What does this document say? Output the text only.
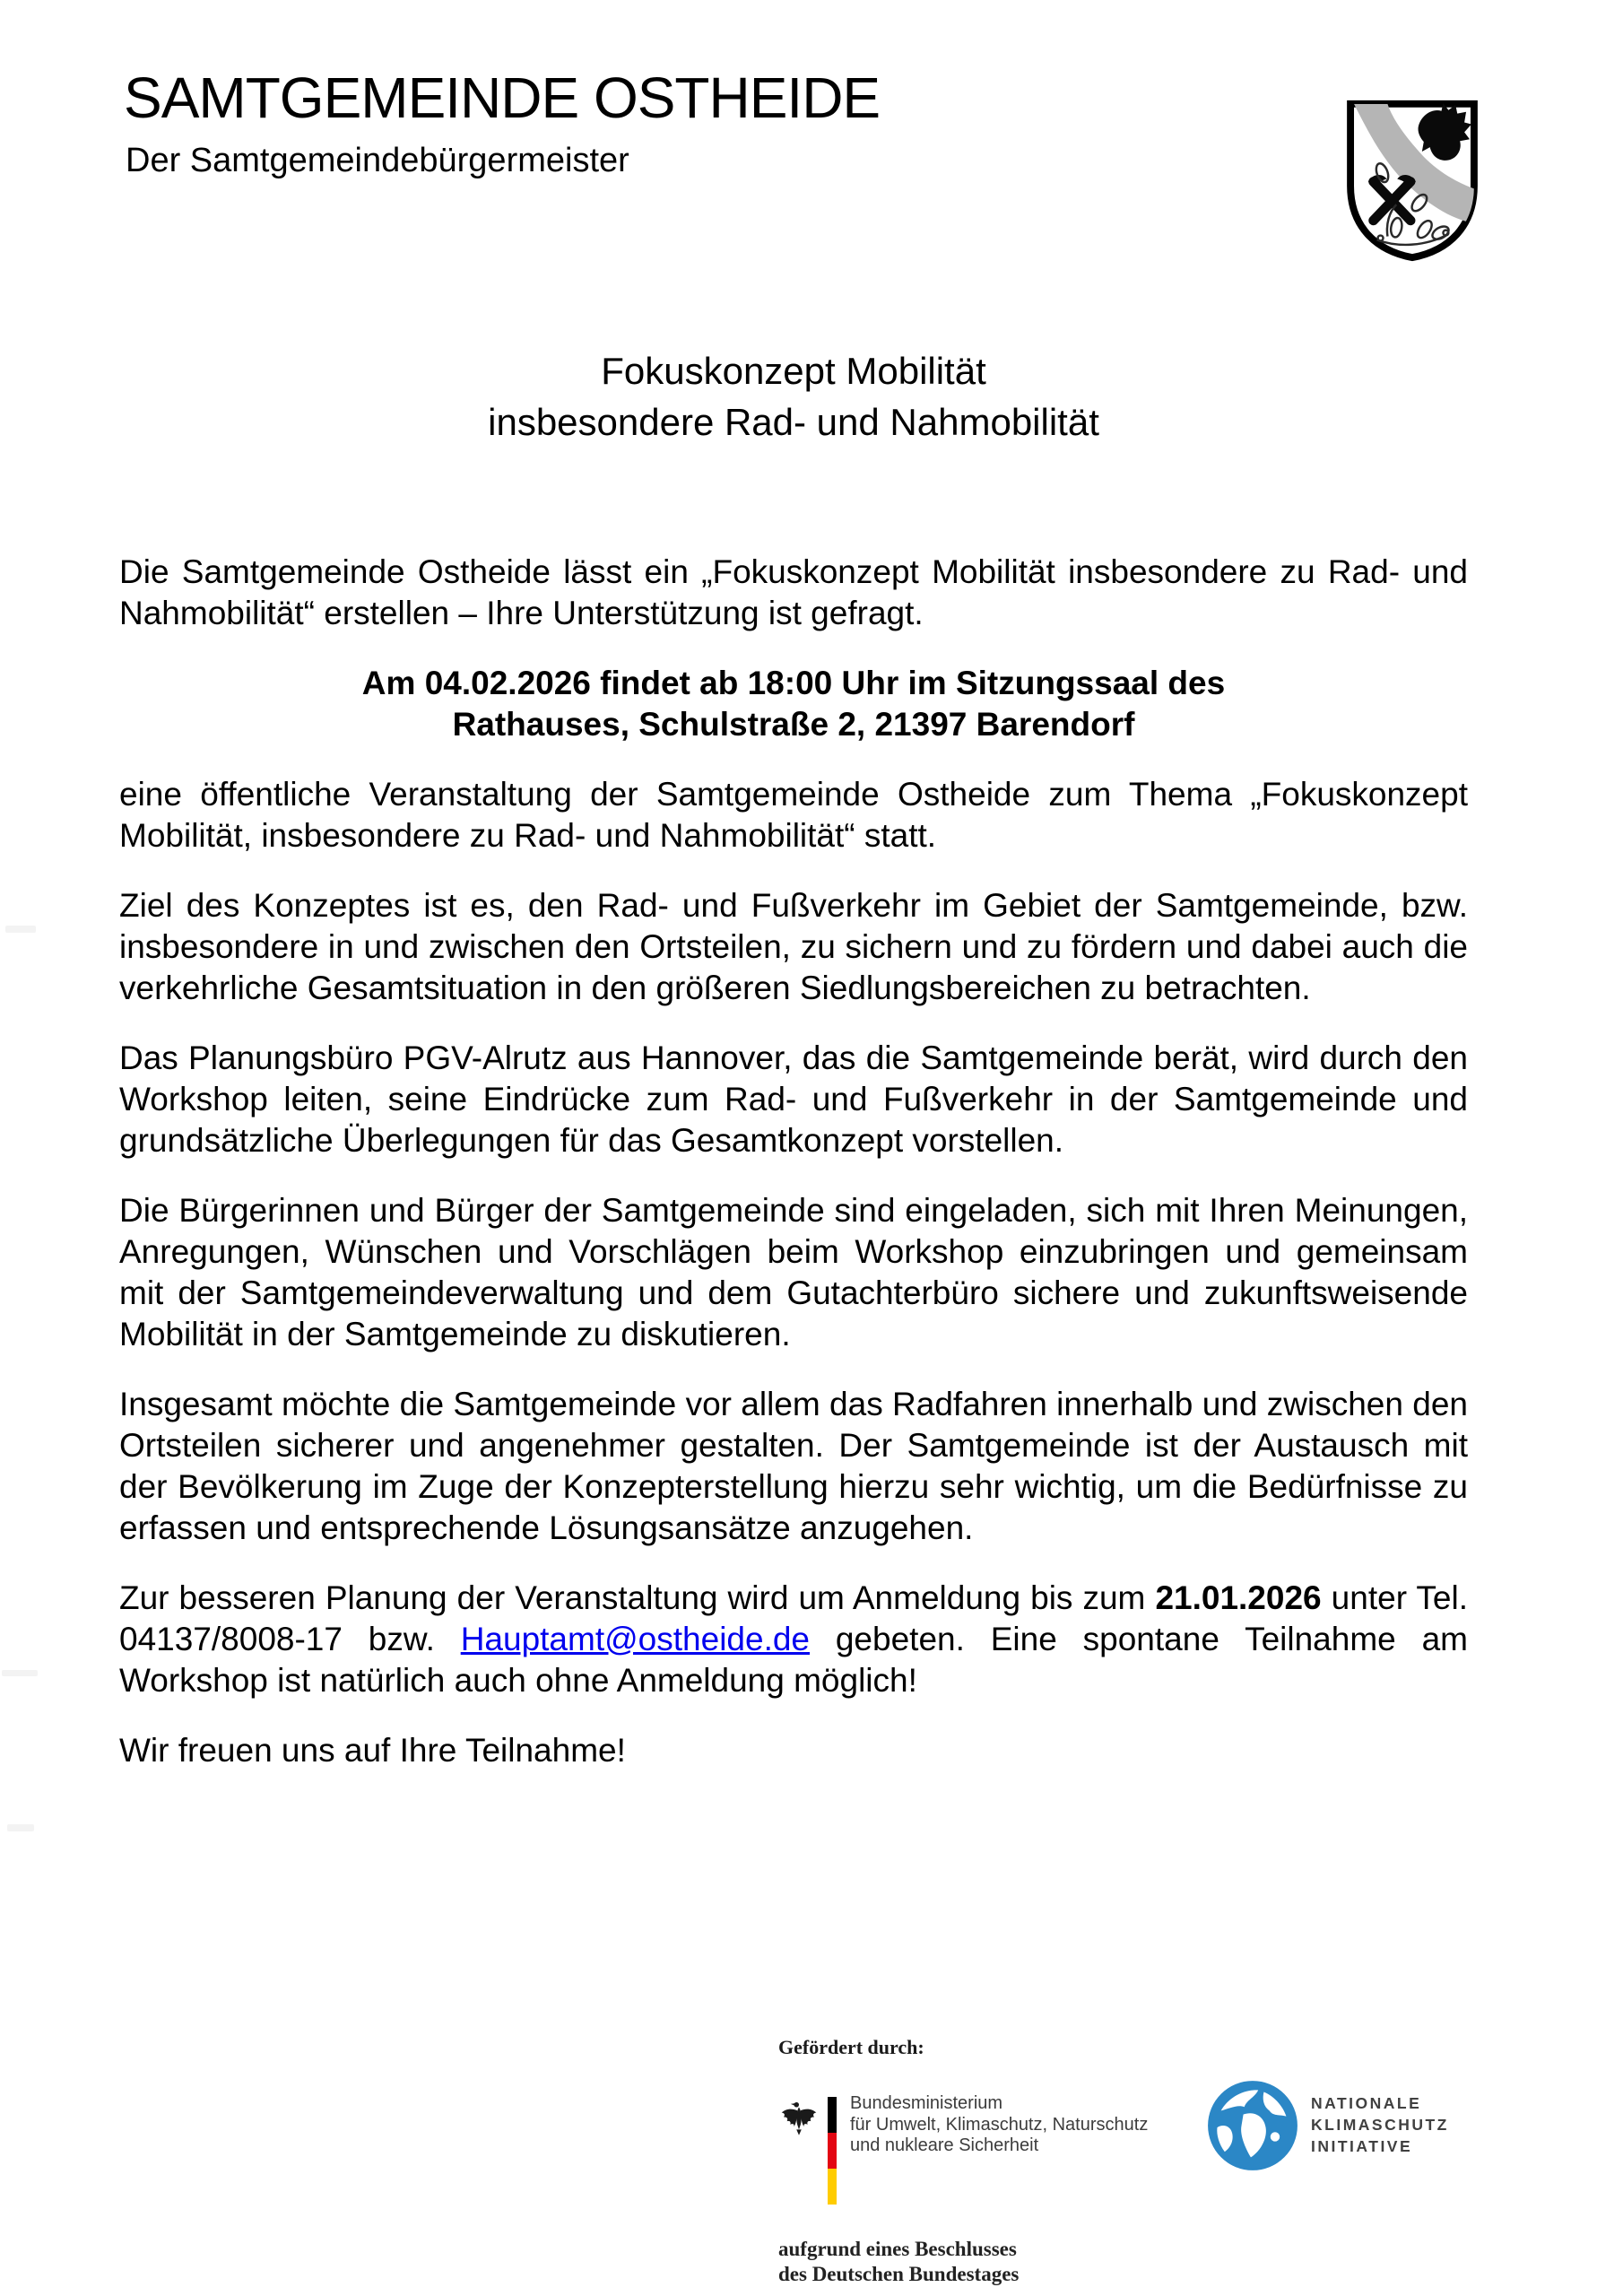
SAMTGEMEINDE OSTHEIDE
Der Samtgemeindebürgermeister
Fokuskonzept Mobilität
insbesondere Rad- und Nahmobilität

Die Samtgemeinde Ostheide lässt ein „Fokuskonzept Mobilität insbesondere zu Rad- und Nahmobilität“ erstellen – Ihre Unterstützung ist gefragt.

Am 04.02.2026 findet ab 18:00 Uhr im Sitzungssaal des
Rathauses, Schulstraße 2, 21397 Barendorf

eine öffentliche Veranstaltung der Samtgemeinde Ostheide zum Thema „Fokuskonzept Mobilität, insbesondere zu Rad- und Nahmobilität“ statt.

Ziel des Konzeptes ist es, den Rad- und Fußverkehr im Gebiet der Samtgemeinde, bzw. insbesondere in und zwischen den Ortsteilen, zu sichern und zu fördern und dabei auch die verkehrliche Gesamtsituation in den größeren Siedlungsbereichen zu betrachten.

Das Planungsbüro PGV-Alrutz aus Hannover, das die Samtgemeinde berät, wird durch den Workshop leiten, seine Eindrücke zum Rad- und Fußverkehr in der Samtgemeinde und grundsätzliche Überlegungen für das Gesamtkonzept vorstellen.

Die Bürgerinnen und Bürger der Samtgemeinde sind eingeladen, sich mit Ihren Meinungen, Anregungen, Wünschen und Vorschlägen beim Workshop einzubringen und gemeinsam mit der Samtgemeindeverwaltung und dem Gutachterbüro sichere und zukunftsweisende Mobilität in der Samtgemeinde zu diskutieren.

Insgesamt möchte die Samtgemeinde vor allem das Radfahren innerhalb und zwischen den Ortsteilen sicherer und angenehmer gestalten. Der Samtgemeinde ist der Austausch mit der Bevölkerung im Zuge der Konzepterstellung hierzu sehr wichtig, um die Bedürfnisse zu erfassen und entsprechende Lösungsansätze anzugehen.

Zur besseren Planung der Veranstaltung wird um Anmeldung bis zum 21.01.2026 unter Tel. 04137/8008-17 bzw. Hauptamt@ostheide.de gebeten. Eine spontane Teilnahme am Workshop ist natürlich auch ohne Anmeldung möglich!

Wir freuen uns auf Ihre Teilnahme!

Gefördert durch:
Bundesministerium
für Umwelt, Klimaschutz, Naturschutz
und nukleare Sicherheit
aufgrund eines Beschlusses
des Deutschen Bundestages
NATIONALE
KLIMASCHUTZ
INITIATIVE
